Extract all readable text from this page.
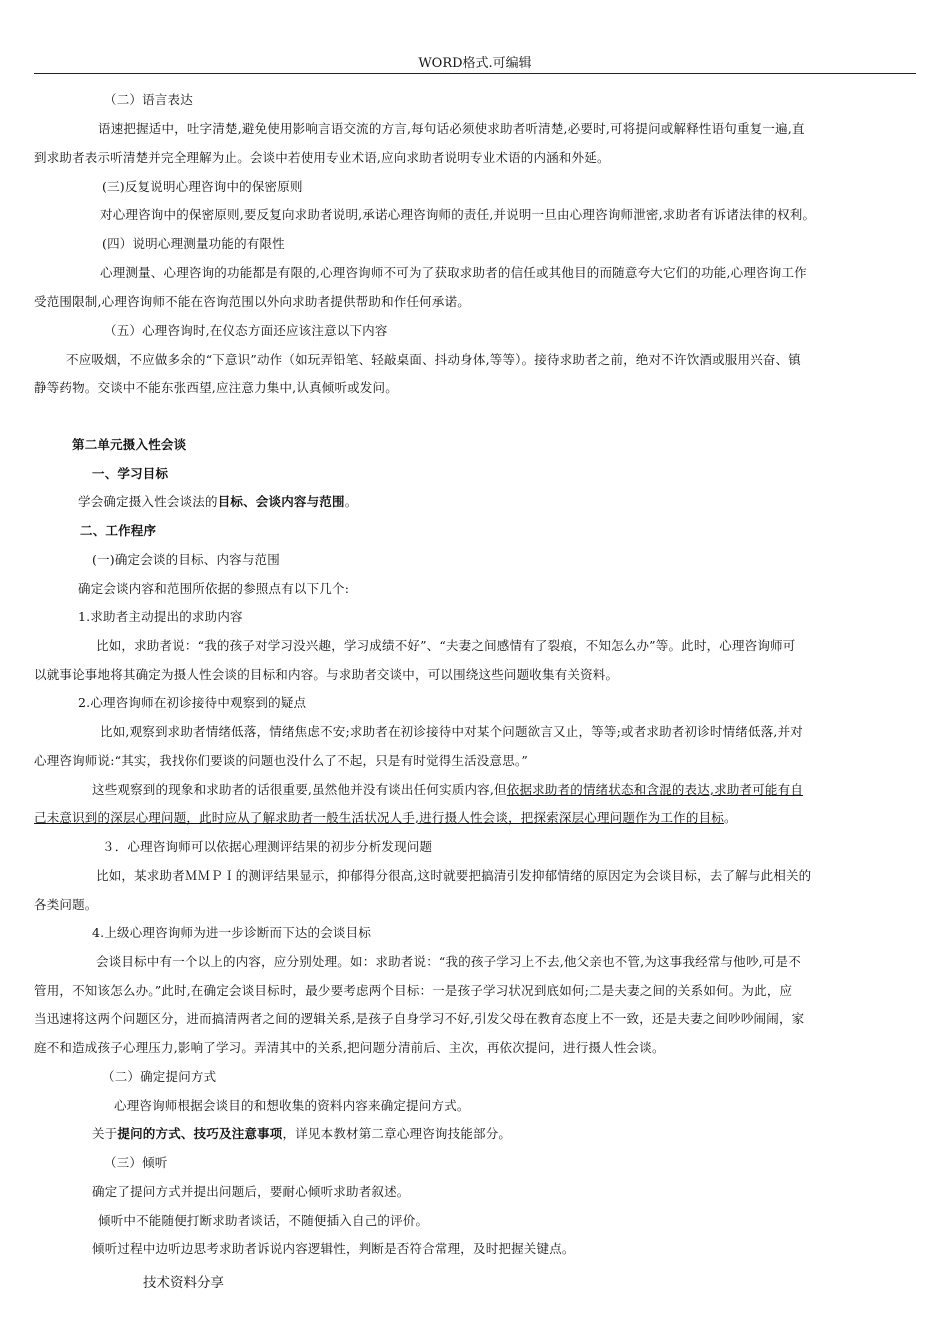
WORD格式.可编辑
（二）语言表达
语速把握适中，吐字清楚,避免使用影响言语交流的方言,每句话必须使求助者听清楚,必要时,可将提问或解释性语句重复一遍,直
到求助者表示听清楚并完全理解为止。会谈中若使用专业术语,应向求助者说明专业术语的内涵和外延。
(三)反复说明心理咨询中的保密原则
对心理咨询中的保密原则,要反复向求助者说明,承诺心理咨询师的责任,并说明一旦由心理咨询师泄密,求助者有诉诸法律的权利。
(四）说明心理测量功能的有限性
心理测量、心理咨询的功能都是有限的,心理咨询师不可为了获取求助者的信任或其他目的而随意夸大它们的功能,心理咨询工作
受范围限制,心理咨询师不能在咨询范围以外向求助者提供帮助和作任何承诺。
（五）心理咨询时,在仪态方面还应该注意以下内容
不应吸烟，不应做多余的“下意识”动作（如玩弄铅笔、轻敲桌面、抖动身体,等等）。接待求助者之前，绝对不许饮酒或服用兴奋、镇
静等药物。交谈中不能东张西望,应注意力集中,认真倾听或发问。
第二单元摄入性会谈
一、学习目标
学会确定摄入性会谈法的目标、会谈内容与范围。
二、工作程序
(一)确定会谈的目标、内容与范围
确定会谈内容和范围所依据的参照点有以下几个:
1.求助者主动提出的求助内容
比如，求助者说：“我的孩子对学习没兴趣，学习成绩不好”、“夫妻之间感情有了裂痕，不知怎么办”等。此时，心理咨询师可
以就事论事地将其确定为摄人性会谈的目标和内容。与求助者交谈中，可以围绕这些问题收集有关资料。
2.心理咨询师在初诊接待中观察到的疑点
比如,观察到求助者情绪低落，情绪焦虑不安;求助者在初诊接待中对某个问题欲言又止，等等;或者求助者初诊时情绪低落,并对
心理咨询师说:“其实，我找你们要谈的问题也没什么了不起，只是有时觉得生活没意思。”
这些观察到的现象和求助者的话很重要,虽然他并没有谈出任何实质内容,但依据求助者的情绪状态和含混的表达,求助者可能有自
己未意识到的深层心理问题，此时应从了解求助者一般生活状况人手,进行摄人性会谈，把探索深层心理问题作为工作的目标。
３．心理咨询师可以依据心理测评结果的初步分析发现问题
比如，某求助者ＭＭＰＩ的测评结果显示，抑郁得分很高,这时就要把搞清引发抑郁情绪的原因定为会谈目标，去了解与此相关的
各类问题。
4.上级心理咨询师为进一步诊断而下达的会谈目标
会谈目标中有一个以上的内容，应分别处理。如：求助者说：“我的孩子学习上不去,他父亲也不管,为这事我经常与他吵,可是不
管用，不知该怎么办。”此时,在确定会谈目标时，最少要考虑两个目标：一是孩子学习状况到底如何;二是夫妻之间的关系如何。为此，应
当迅速将这两个问题区分，进而搞清两者之间的逻辑关系,是孩子自身学习不好,引发父母在教育态度上不一致，还是夫妻之间吵吵闹闹，家
庭不和造成孩子心理压力,影响了学习。弄清其中的关系,把问题分清前后、主次，再依次提问，进行摄人性会谈。
（二）确定提问方式
心理咨询师根据会谈目的和想收集的资料内容来确定提问方式。
关于提问的方式、技巧及注意事项，详见本教材第二章心理咨询技能部分。
（三）倾听
确定了提问方式并提出问题后，要耐心倾听求助者叙述。
倾听中不能随便打断求助者谈话，不随便插入自己的评价。
倾听过程中边听边思考求助者诉说内容逻辑性，判断是否符合常理，及时把握关键点。
技术资料分享
